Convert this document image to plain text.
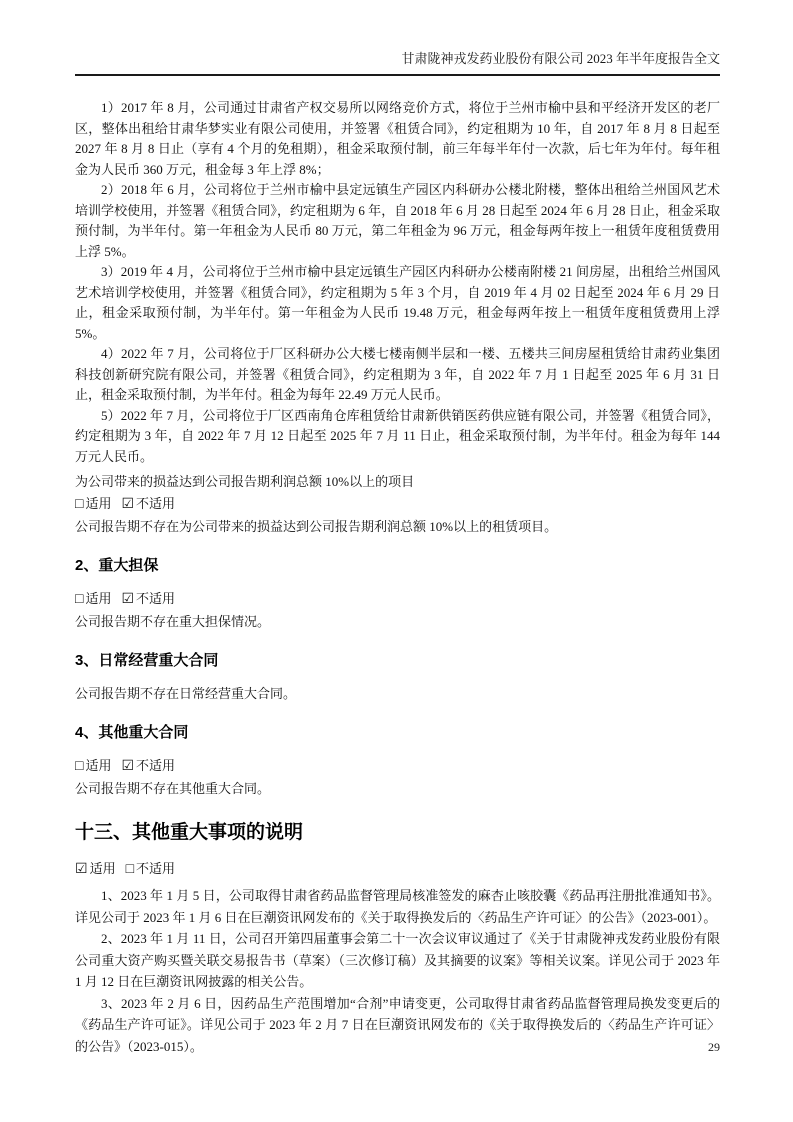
甘肃陇神戎发药业股份有限公司 2023 年半年度报告全文

1）2017 年 8 月，公司通过甘肃省产权交易所以网络竞价方式，将位于兰州市榆中县和平经济开发区的老厂区，整体出租给甘肃华梦实业有限公司使用，并签署《租赁合同》，约定租期为 10 年，自 2017 年 8 月 8 日起至 2027 年 8 月 8 日止（享有 4 个月的免租期），租金采取预付制，前三年每半年付一次款，后七年为年付。每年租金为人民币 360 万元，租金每 3 年上浮 8%；

2）2018 年 6 月，公司将位于兰州市榆中县定远镇生产园区内科研办公楼北附楼，整体出租给兰州国风艺术培训学校使用，并签署《租赁合同》，约定租期为 6 年，自 2018 年 6 月 28 日起至 2024 年 6 月 28 日止，租金采取预付制，为半年付。第一年租金为人民币 80 万元，第二年租金为 96 万元，租金每两年按上一租赁年度租赁费用上浮 5%。

3）2019 年 4 月，公司将位于兰州市榆中县定远镇生产园区内科研办公楼南附楼 21 间房屋，出租给兰州国风艺术培训学校使用，并签署《租赁合同》，约定租期为 5 年 3 个月，自 2019 年 4 月 02 日起至 2024 年 6 月 29 日止，租金采取预付制，为半年付。第一年租金为人民币 19.48 万元，租金每两年按上一租赁年度租赁费用上浮 5%。

4）2022 年 7 月，公司将位于厂区科研办公大楼七楼南侧半层和一楼、五楼共三间房屋租赁给甘肃药业集团科技创新研究院有限公司，并签署《租赁合同》，约定租期为 3 年，自 2022 年 7 月 1 日起至 2025 年 6 月 31 日止，租金采取预付制，为半年付。租金为每年 22.49 万元人民币。

5）2022 年 7 月，公司将位于厂区西南角仓库租赁给甘肃新供销医药供应链有限公司，并签署《租赁合同》，约定租期为 3 年，自 2022 年 7 月 12 日起至 2025 年 7 月 11 日止，租金采取预付制，为半年付。租金为每年 144 万元人民币。

为公司带来的损益达到公司报告期利润总额 10%以上的项目
□ 适用 ☑ 不适用
公司报告期不存在为公司带来的损益达到公司报告期利润总额 10%以上的租赁项目。
2、重大担保
□ 适用 ☑ 不适用
公司报告期不存在重大担保情况。
3、日常经营重大合同
公司报告期不存在日常经营重大合同。
4、其他重大合同
□ 适用 ☑ 不适用
公司报告期不存在其他重大合同。
十三、其他重大事项的说明
☑ 适用 □ 不适用

1、2023 年 1 月 5 日，公司取得甘肃省药品监督管理局核准签发的麻杏止咳胶囊《药品再注册批准通知书》。详见公司于 2023 年 1 月 6 日在巨潮资讯网发布的《关于取得换发后的〈药品生产许可证〉的公告》（2023-001）。

2、2023 年 1 月 11 日，公司召开第四届董事会第二十一次会议审议通过了《关于甘肃陇神戎发药业股份有限公司重大资产购买暨关联交易报告书（草案）（三次修订稿）及其摘要的议案》等相关议案。详见公司于 2023 年 1 月 12 日在巨潮资讯网披露的相关公告。

3、2023 年 2 月 6 日，因药品生产范围增加“合剂”申请变更，公司取得甘肃省药品监督管理局换发变更后的《药品生产许可证》。详见公司于 2023 年 2 月 7 日在巨潮资讯网发布的《关于取得换发后的〈药品生产许可证〉的公告》（2023-015）。	29
